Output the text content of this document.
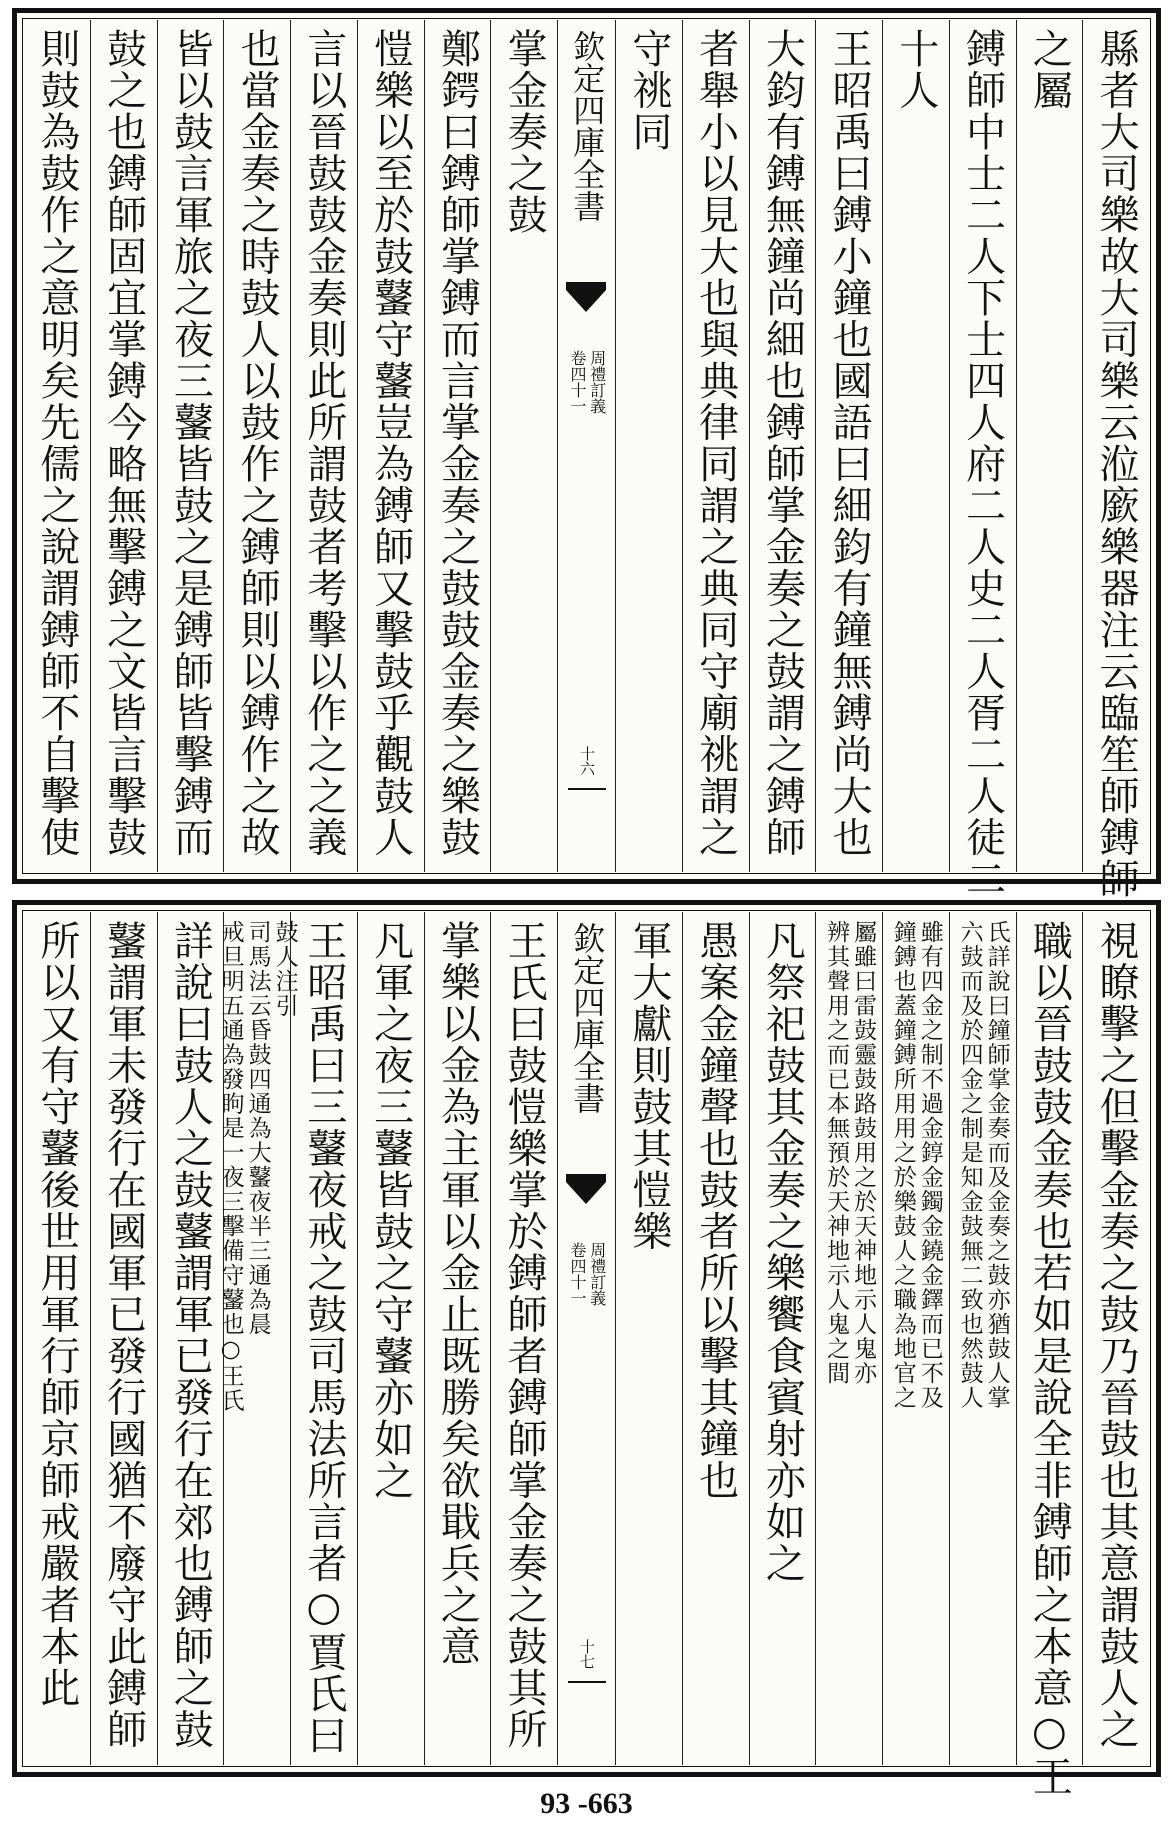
縣者大司樂故大司樂云涖廞樂器注云臨笙師鎛師
之屬
鎛師中士二人下士四人府二人史二人胥二人徒二
十人
王昭禹曰鎛小鐘也國語曰細鈞有鐘無鎛尚大也
大鈞有鎛無鐘尚細也鎛師掌金奏之鼓謂之鎛師
者舉小以見大也與典律同謂之典同守廟祧謂之
守祧同
欽定四庫全書
周禮訂義
卷四十一
十六
掌金奏之鼓
鄭鍔曰鎛師掌鎛而言掌金奏之鼓鼓金奏之樂鼓
愷樂以至於鼓鼜守鼜豈為鎛師又擊鼓乎觀鼓人
言以晉鼓鼓金奏則此所謂鼓者考擊以作之之義
也當金奏之時鼓人以鼓作之鎛師則以鎛作之故
皆以鼓言軍旅之夜三鼜皆鼓之是鎛師皆擊鎛而
鼓之也鎛師固宜掌鎛今略無擊鎛之文皆言擊鼓
則鼓為鼓作之意明矣先儒之說謂鎛師不自擊使
視瞭擊之但擊金奏之鼓乃晉鼓也其意謂鼓人之
職以晉鼓鼓金奏也若如是說全非鎛師之本意○王
氏詳說曰鐘師掌金奏而及金奏之鼓亦猶鼓人掌
六鼓而及於四金之制是知金鼓無二致也然鼓人
雖有四金之制不過金錞金鐲金鐃金鐸而已不及
鐘鎛也蓋鐘鎛所用用之於樂鼓人之職為地官之
屬雖曰雷鼓靈鼓路鼓用之於天神地示人鬼亦
辨其聲用之而已本無預於天神地示人鬼之間
凡祭祀鼓其金奏之樂饗食賓射亦如之
愚案金鐘聲也鼓者所以擊其鐘也
軍大獻則鼓其愷樂
欽定四庫全書
周禮訂義
卷四十一
十七
王氏曰鼓愷樂掌於鎛師者鎛師掌金奏之鼓其所
掌樂以金為主軍以金止既勝矣欲戢兵之意
凡軍之夜三鼜皆鼓之守鼜亦如之
王昭禹曰三鼜夜戒之鼓司馬法所言者○賈氏曰
鼓人注引
司馬法云昏鼓四通為大鼜夜半三通為晨
戒旦明五通為發眗是一夜三擊備守鼜也○王氏
詳說曰鼓人之鼓鼜謂軍已發行在郊也鎛師之鼓
鼜謂軍未發行在國軍已發行國猶不廢守此鎛師
所以又有守鼜後世用軍行師京師戒嚴者本此
93 -663
